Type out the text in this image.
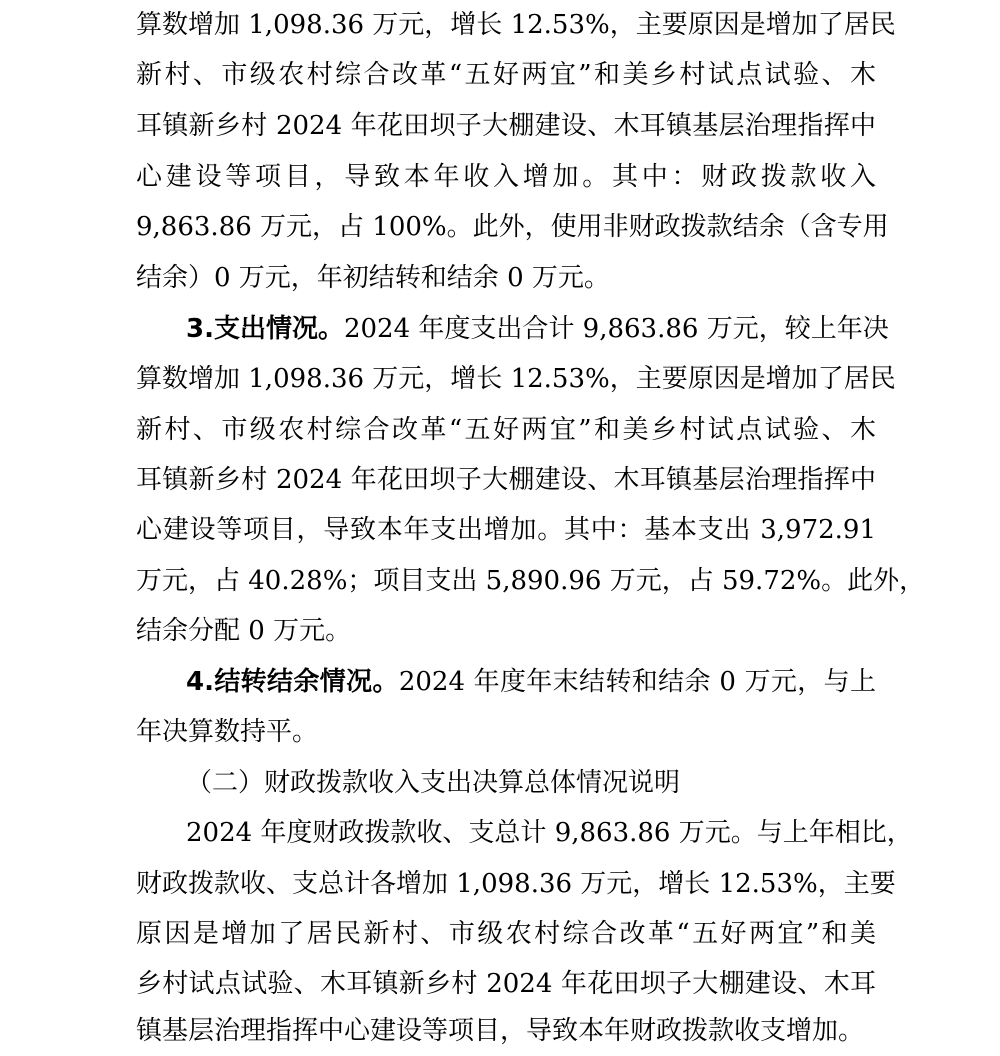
算数增加 1,098.36 万元，增长 12.53%，主要原因是增加了居民
新村、市级农村综合改革“五好两宜”和美乡村试点试验、木
耳镇新乡村 2024 年花田坝子大棚建设、木耳镇基层治理指挥中
心建设等项目，导致本年收入增加。其中：财政拨款收入
9,863.86 万元，占 100%。此外，使用非财政拨款结余（含专用
结余）0 万元，年初结转和结余 0 万元。
3.支出情况。2024 年度支出合计 9,863.86 万元，较上年决
算数增加 1,098.36 万元，增长 12.53%，主要原因是增加了居民
新村、市级农村综合改革“五好两宜”和美乡村试点试验、木
耳镇新乡村 2024 年花田坝子大棚建设、木耳镇基层治理指挥中
心建设等项目，导致本年支出增加。其中：基本支出 3,972.91
万元，占 40.28%；项目支出 5,890.96 万元，占 59.72%。此外，
结余分配 0 万元。
4.结转结余情况。2024 年度年末结转和结余 0 万元，与上
年决算数持平。
（二）财政拨款收入支出决算总体情况说明
2024 年度财政拨款收、支总计 9,863.86 万元。与上年相比，
财政拨款收、支总计各增加 1,098.36 万元，增长 12.53%，主要
原因是增加了居民新村、市级农村综合改革“五好两宜”和美
乡村试点试验、木耳镇新乡村 2024 年花田坝子大棚建设、木耳
镇基层治理指挥中心建设等项目，导致本年财政拨款收支增加。
